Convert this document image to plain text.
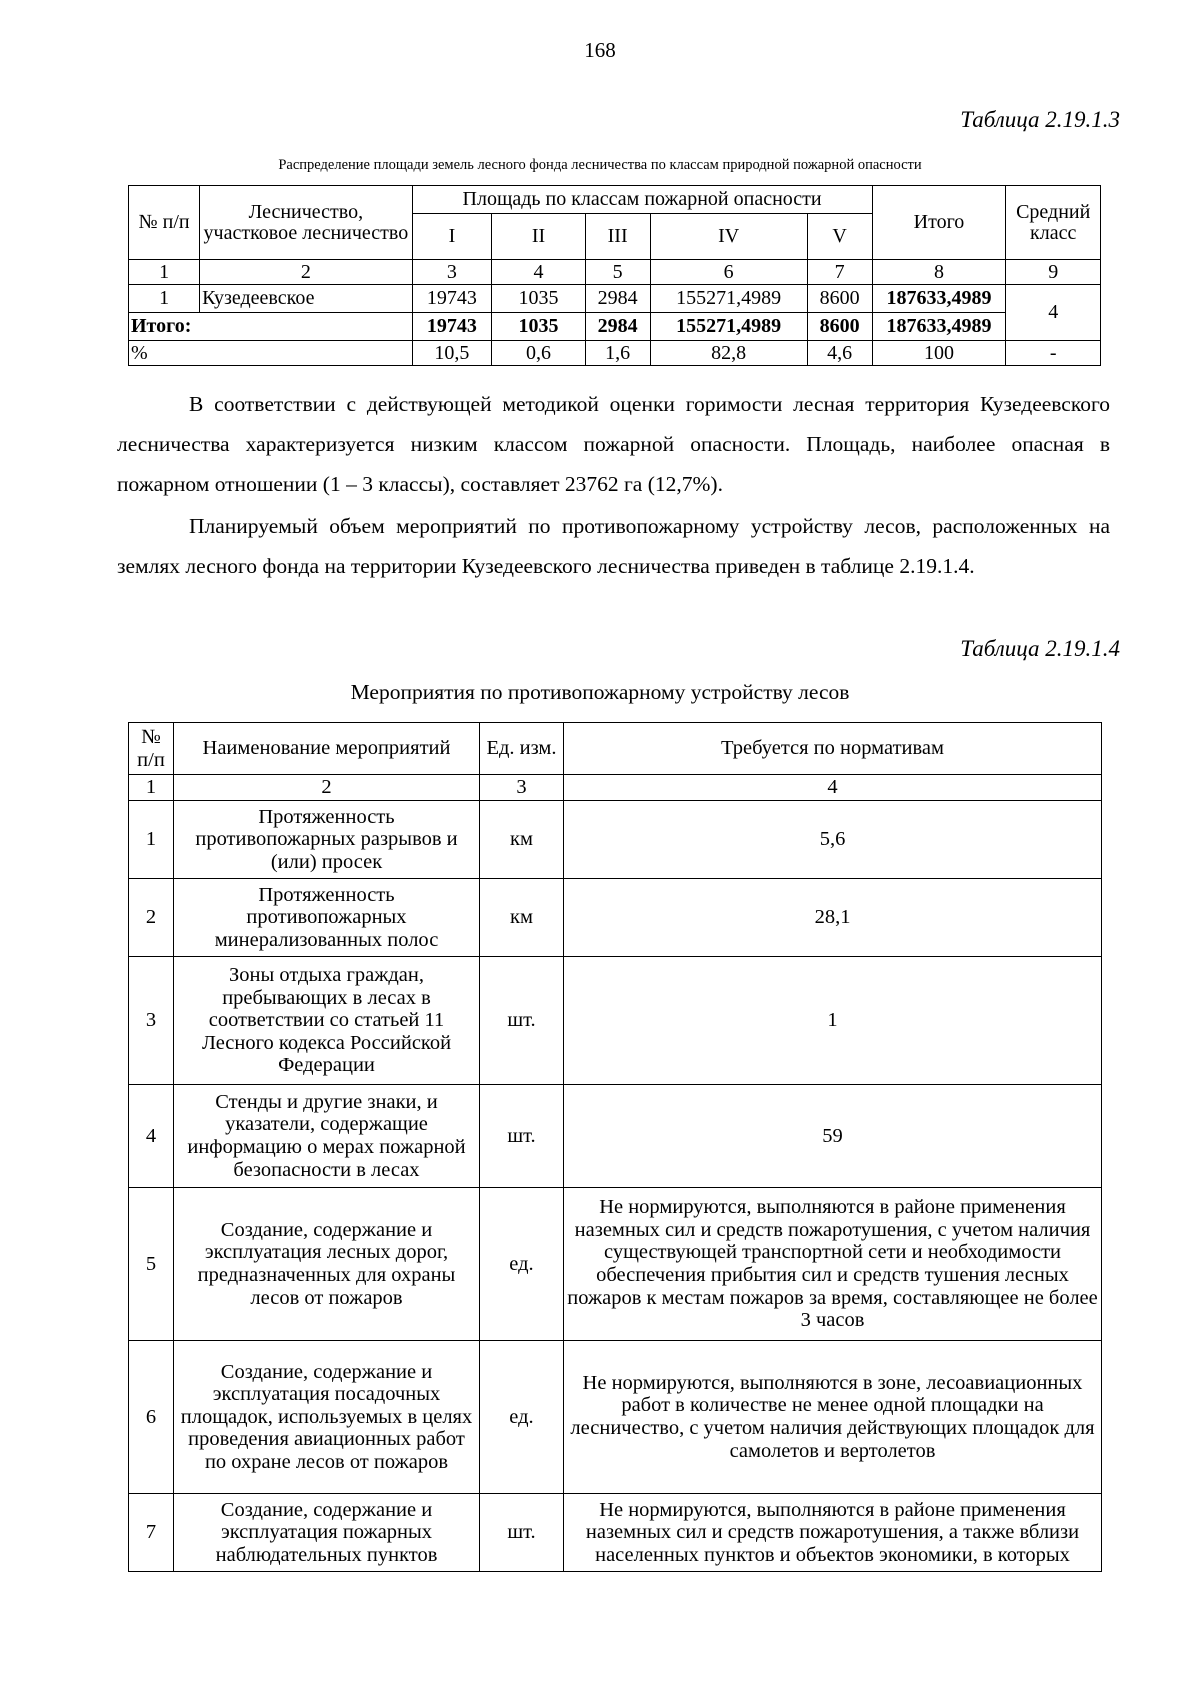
168
Таблица 2.19.1.3
Распределение площади земель лесного фонда лесничества по классам природной пожарной опасности
№ п/п	Лесничество, участковое лесничество	Площадь по классам пожарной опасности					Итого	Средний класс
		I	II	III	IV	V		
1	2	3	4	5	6	7	8	9
1	Кузедеевское	19743	1035	2984	155271,4989	8600	187633,4989	4
Итого:		19743	1035	2984	155271,4989	8600	187633,4989	
%		10,5	0,6	1,6	82,8	4,6	100	-

В соответствии с действующей методикой оценки горимости лесная территория Кузедеевского лесничества характеризуется низким классом пожарной опасности. Площадь, наиболее опасная в пожарном отношении (1 – 3 классы), составляет 23762 га (12,7%).

Планируемый объем мероприятий по противопожарному устройству лесов, расположенных на землях лесного фонда на территории Кузедеевского лесничества приведен в таблице 2.19.1.4.

Таблица 2.19.1.4
Мероприятия по противопожарному устройству лесов
№ п/п	Наименование мероприятий	Ед. изм.	Требуется по нормативам
1	2	3	4
1	Протяженность противопожарных разрывов и (или) просек	км	5,6
2	Протяженность противопожарных минерализованных полос	км	28,1
3	Зоны отдыха граждан, пребывающих в лесах в соответствии со статьей 11 Лесного кодекса Российской Федерации	шт.	1
4	Стенды и другие знаки, и указатели, содержащие информацию о мерах пожарной безопасности в лесах	шт.	59
5	Создание, содержание и эксплуатация лесных дорог, предназначенных для охраны лесов от пожаров	ед.	Не нормируются, выполняются в районе применения наземных сил и средств пожаротушения, с учетом наличия существующей транспортной сети и необходимости обеспечения прибытия сил и средств тушения лесных пожаров к местам пожаров за время, составляющее не более 3 часов
6	Создание, содержание и эксплуатация посадочных площадок, используемых в целях проведения авиационных работ по охране лесов от пожаров	ед.	Не нормируются, выполняются в зоне, лесоавиационных работ в количестве не менее одной площадки на лесничество, с учетом наличия действующих площадок для самолетов и вертолетов
7	Создание, содержание и эксплуатация пожарных наблюдательных пунктов	шт.	Не нормируются, выполняются в районе применения наземных сил и средств пожаротушения, а также вблизи населенных пунктов и объектов экономики, в которых
